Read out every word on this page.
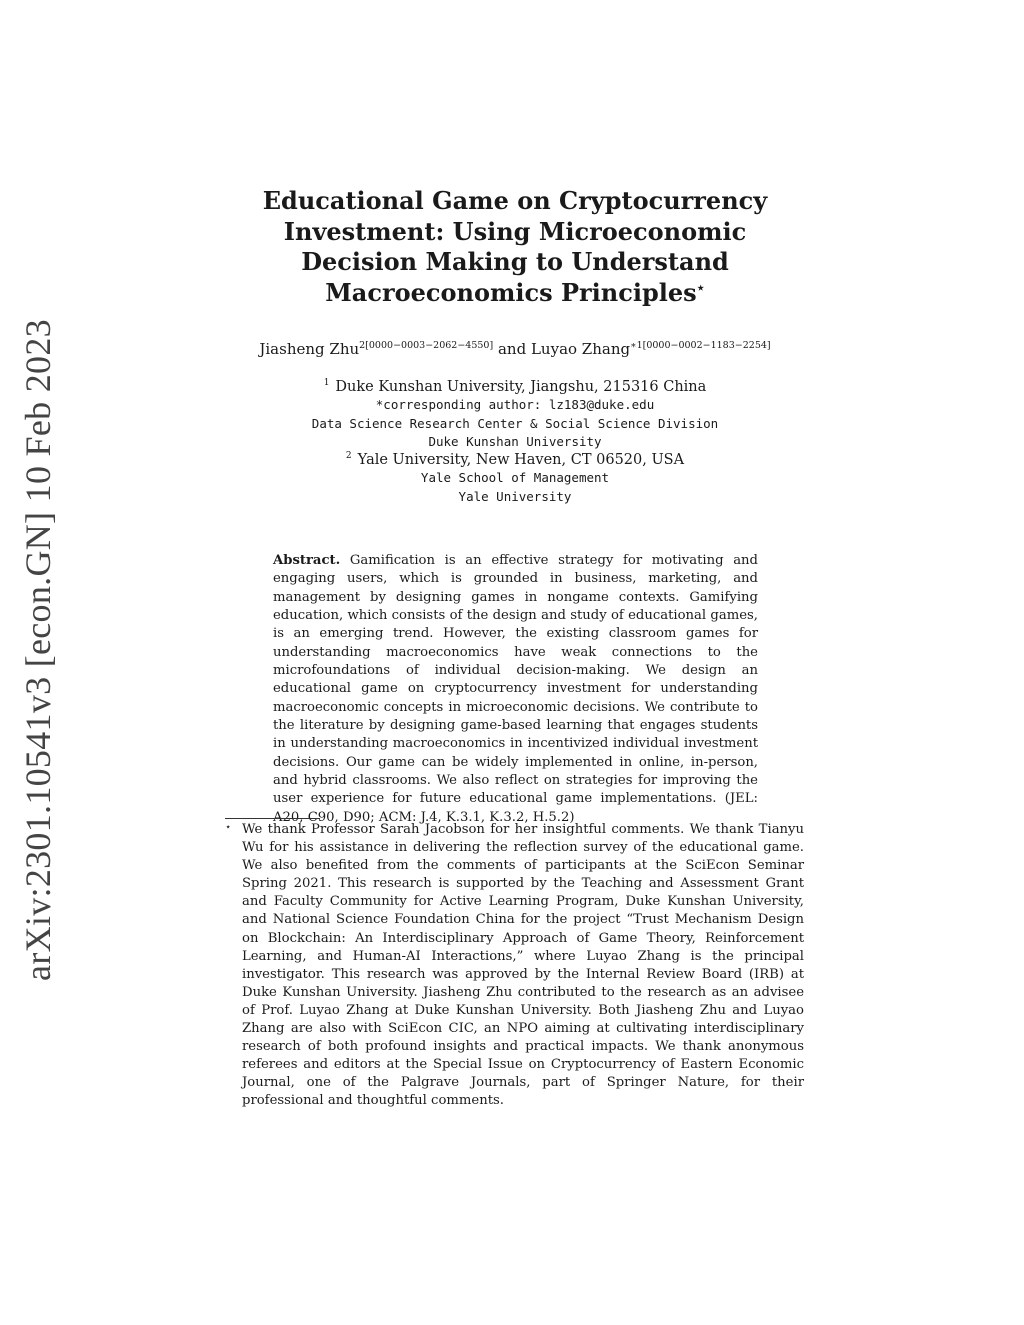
arXiv:2301.10541v3 [econ.GN] 10 Feb 2023
Educational Game on Cryptocurrency Investment: Using Microeconomic Decision Making to Understand Macroeconomics Principles⋆
Jiasheng Zhu$^{2[0000-0003-2062-4550]}$ and Luyao Zhang$^{∗1[0000-0002-1183-2254]}$
$^1$ Duke Kunshan University, Jiangshu, 215316 China
*corresponding author: lz183@duke.edu
Data Science Research Center & Social Science Division
Duke Kunshan University
$^2$ Yale University, New Haven, CT 06520, USA
Yale School of Management
Yale University
Abstract. Gamification is an effective strategy for motivating and engaging users, which is grounded in business, marketing, and management by designing games in nongame contexts. Gamifying education, which consists of the design and study of educational games, is an emerging trend. However, the existing classroom games for understanding macroeconomics have weak connections to the microfoundations of individual decision-making. We design an educational game on cryptocurrency investment for understanding macroeconomic concepts in microeconomic decisions. We contribute to the literature by designing game-based learning that engages students in understanding macroeconomics in incentivized individual investment decisions. Our game can be widely implemented in online, in-person, and hybrid classrooms. We also reflect on strategies for improving the user experience for future educational game implementations. (JEL: A20, C90, D90; ACM: J.4, K.3.1, K.3.2, H.5.2)
⋆ We thank Professor Sarah Jacobson for her insightful comments. We thank Tianyu Wu for his assistance in delivering the reflection survey of the educational game. We also benefited from the comments of participants at the SciEcon Seminar Spring 2021. This research is supported by the Teaching and Assessment Grant and Faculty Community for Active Learning Program, Duke Kunshan University, and National Science Foundation China for the project “Trust Mechanism Design on Blockchain: An Interdisciplinary Approach of Game Theory, Reinforcement Learning, and Human-AI Interactions,” where Luyao Zhang is the principal investigator. This research was approved by the Internal Review Board (IRB) at Duke Kunshan University. Jiasheng Zhu contributed to the research as an advisee of Prof. Luyao Zhang at Duke Kunshan University. Both Jiasheng Zhu and Luyao Zhang are also with SciEcon CIC, an NPO aiming at cultivating interdisciplinary research of both profound insights and practical impacts. We thank anonymous referees and editors at the Special Issue on Cryptocurrency of Eastern Economic Journal, one of the Palgrave Journals, part of Springer Nature, for their professional and thoughtful comments.
